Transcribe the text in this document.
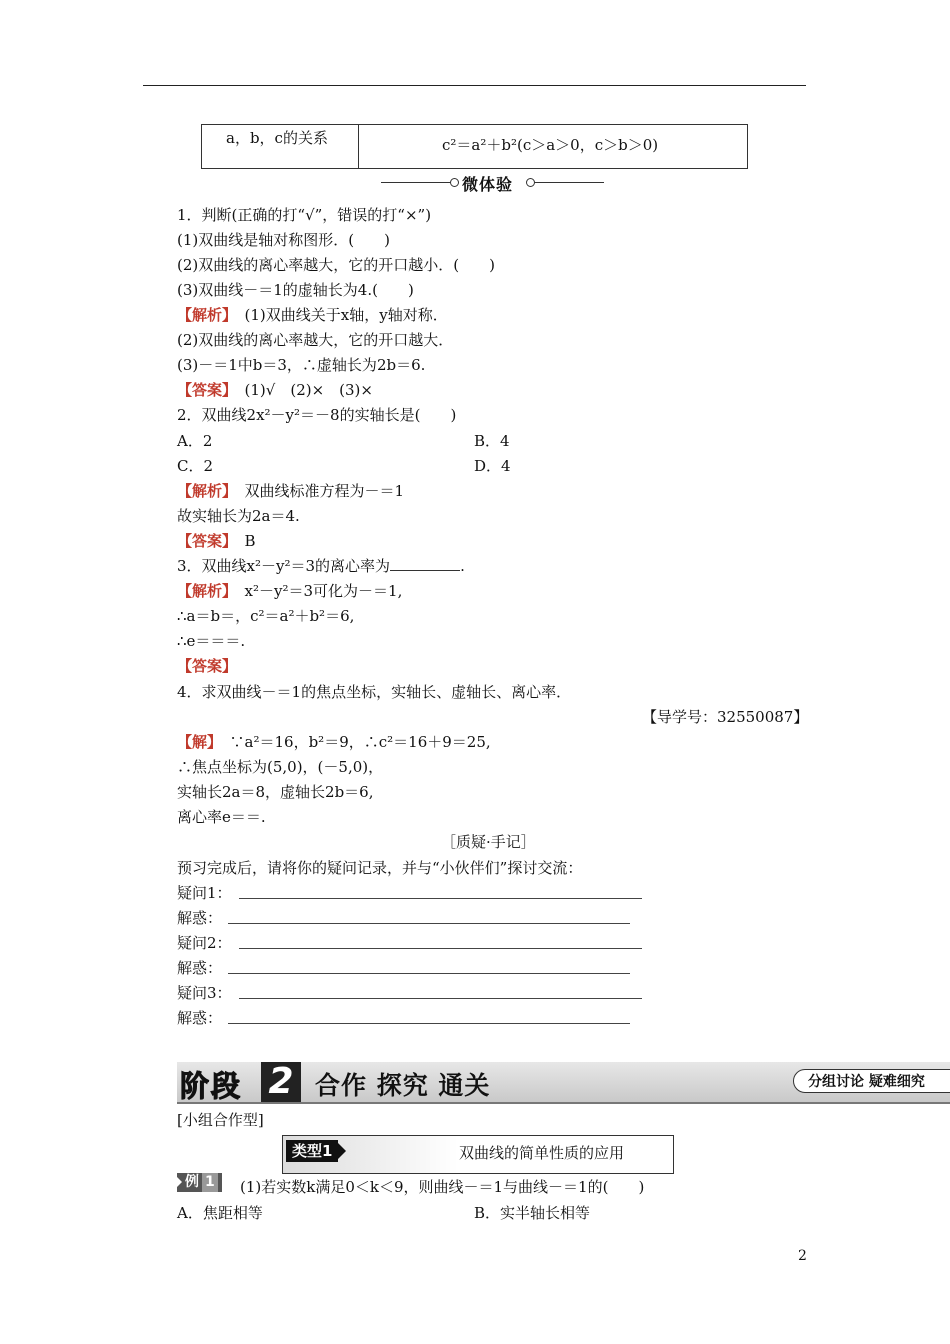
a，b，c的关系	c²＝a²＋b²(c＞a＞0，c＞b＞0)
微体验
1．判断(正确的打“√”，错误的打“×”)
(1)双曲线是轴对称图形．(　　)
(2)双曲线的离心率越大，它的开口越小．(　　)
(3)双曲线－＝1的虚轴长为4.(　　)
【解析】　 (1)双曲线关于x轴，y轴对称．
(2)双曲线的离心率越大，它的开口越大．
(3)－＝1中b＝3，∴虚轴长为2b＝6.
【答案】　 (1)√　(2)×　(3)×
2．双曲线2x²－y²＝－8的实轴长是(　　)
A．2	B．4
C．2	D．4
【解析】　 双曲线标准方程为－＝1
故实轴长为2a＝4.
【答案】　 B
3．双曲线x²－y²＝3的离心率为	.
【解析】　 x²－y²＝3可化为－＝1,
∴a＝b＝，c²＝a²＋b²＝6,
∴e＝＝＝.
【答案】
4．求双曲线－＝1的焦点坐标，实轴长、虚轴长、离心率．
【导学号：32550087】
【解】　 ∵a²＝16，b²＝9，∴c²＝16＋9＝25,
∴焦点坐标为(5,0)，(－5,0)，
实轴长2a＝8，虚轴长2b＝6,
离心率e＝＝.
［质疑·手记］
预习完成后，请将你的疑问记录，并与“小伙伴们”探讨交流：
疑问1：
解惑：
疑问2：
解惑：
疑问3：
解惑：
阶段 2 合作 探究 通关	分组讨论 疑难细究
[小组合作型]
类型1	双曲线的简单性质的应用
例 1	(1)若实数k满足0＜k＜9，则曲线－＝1与曲线－＝1的(　　)
A．焦距相等	B．实半轴长相等
2
